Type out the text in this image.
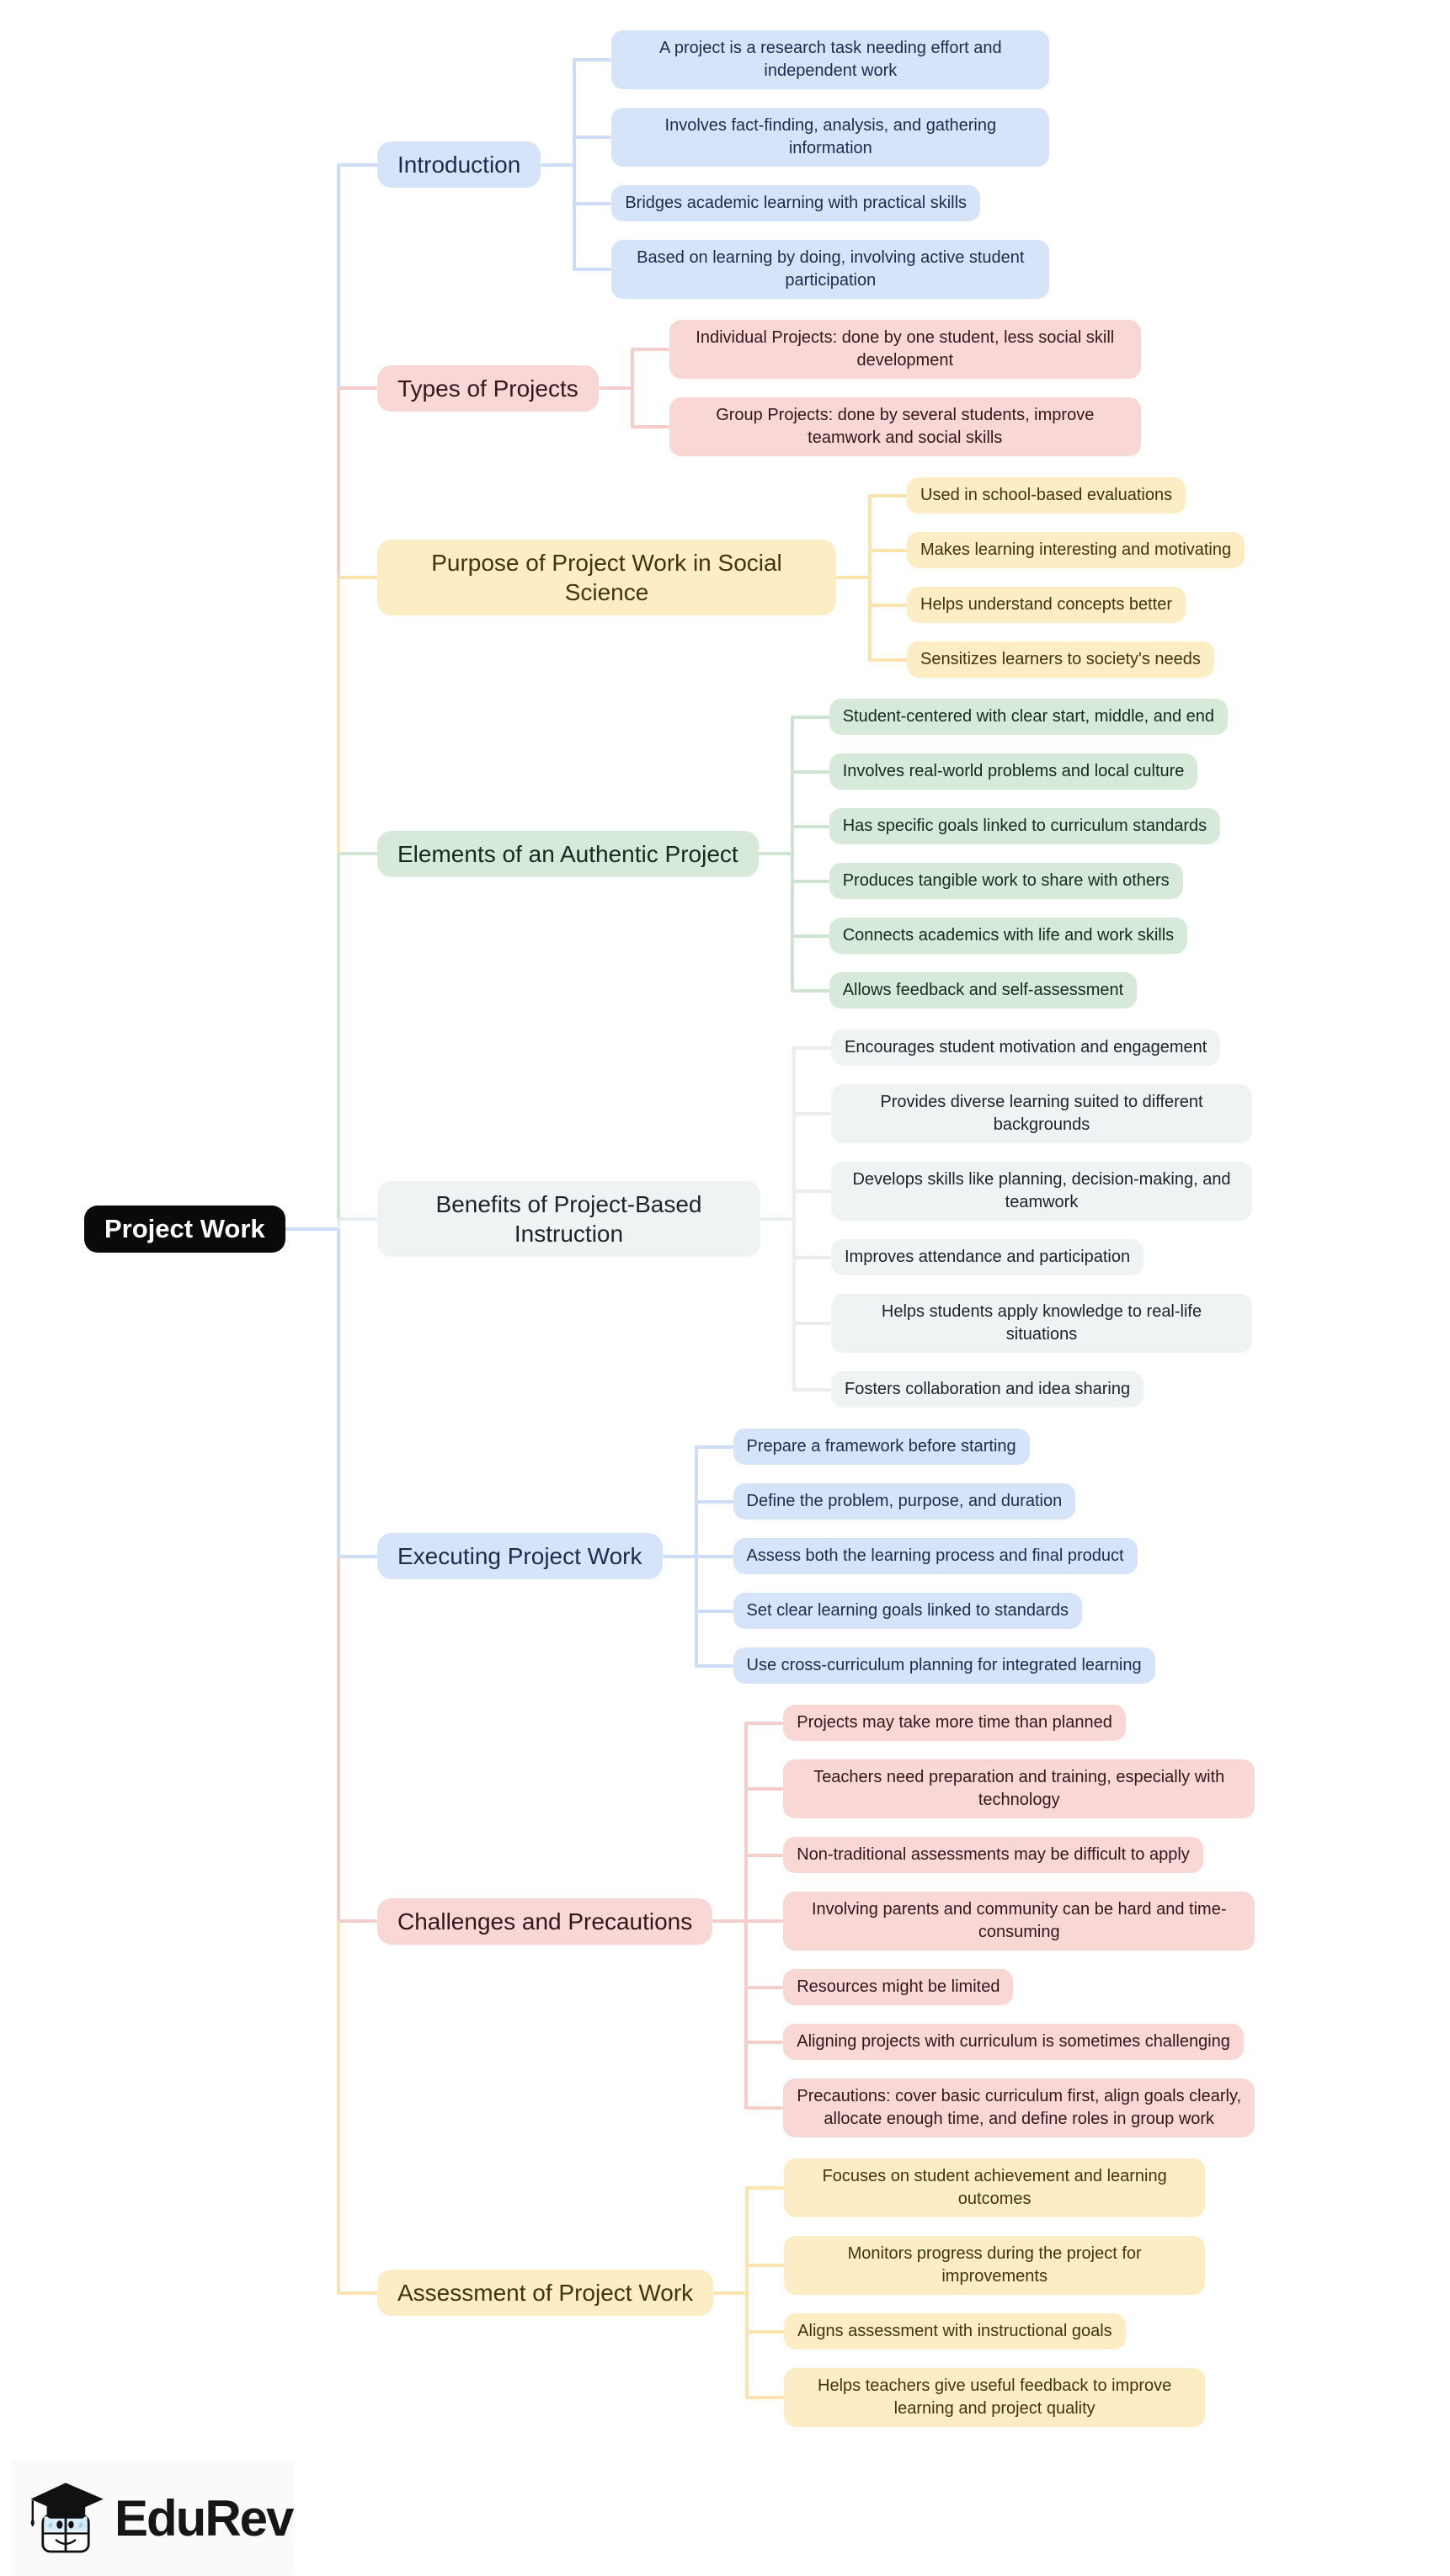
Project Work
Introduction
A project is a research task needing effort and independent work
Involves fact-finding, analysis, and gathering information
Bridges academic learning with practical skills
Based on learning by doing, involving active student participation
Types of Projects
Individual Projects: done by one student, less social skill development
Group Projects: done by several students, improve teamwork and social skills
Purpose of Project Work in Social Science
Used in school-based evaluations
Makes learning interesting and motivating
Helps understand concepts better
Sensitizes learners to society's needs
Elements of an Authentic Project
Student-centered with clear start, middle, and end
Involves real-world problems and local culture
Has specific goals linked to curriculum standards
Produces tangible work to share with others
Connects academics with life and work skills
Allows feedback and self-assessment
Benefits of Project-Based Instruction
Encourages student motivation and engagement
Provides diverse learning suited to different backgrounds
Develops skills like planning, decision-making, and teamwork
Improves attendance and participation
Helps students apply knowledge to real-life situations
Fosters collaboration and idea sharing
Executing Project Work
Prepare a framework before starting
Define the problem, purpose, and duration
Assess both the learning process and final product
Set clear learning goals linked to standards
Use cross-curriculum planning for integrated learning
Challenges and Precautions
Projects may take more time than planned
Teachers need preparation and training, especially with technology
Non-traditional assessments may be difficult to apply
Involving parents and community can be hard and time-consuming
Resources might be limited
Aligning projects with curriculum is sometimes challenging
Precautions: cover basic curriculum first, align goals clearly, allocate enough time, and define roles in group work
Assessment of Project Work
Focuses on student achievement and learning outcomes
Monitors progress during the project for improvements
Aligns assessment with instructional goals
Helps teachers give useful feedback to improve learning and project quality
#	# EduRev
